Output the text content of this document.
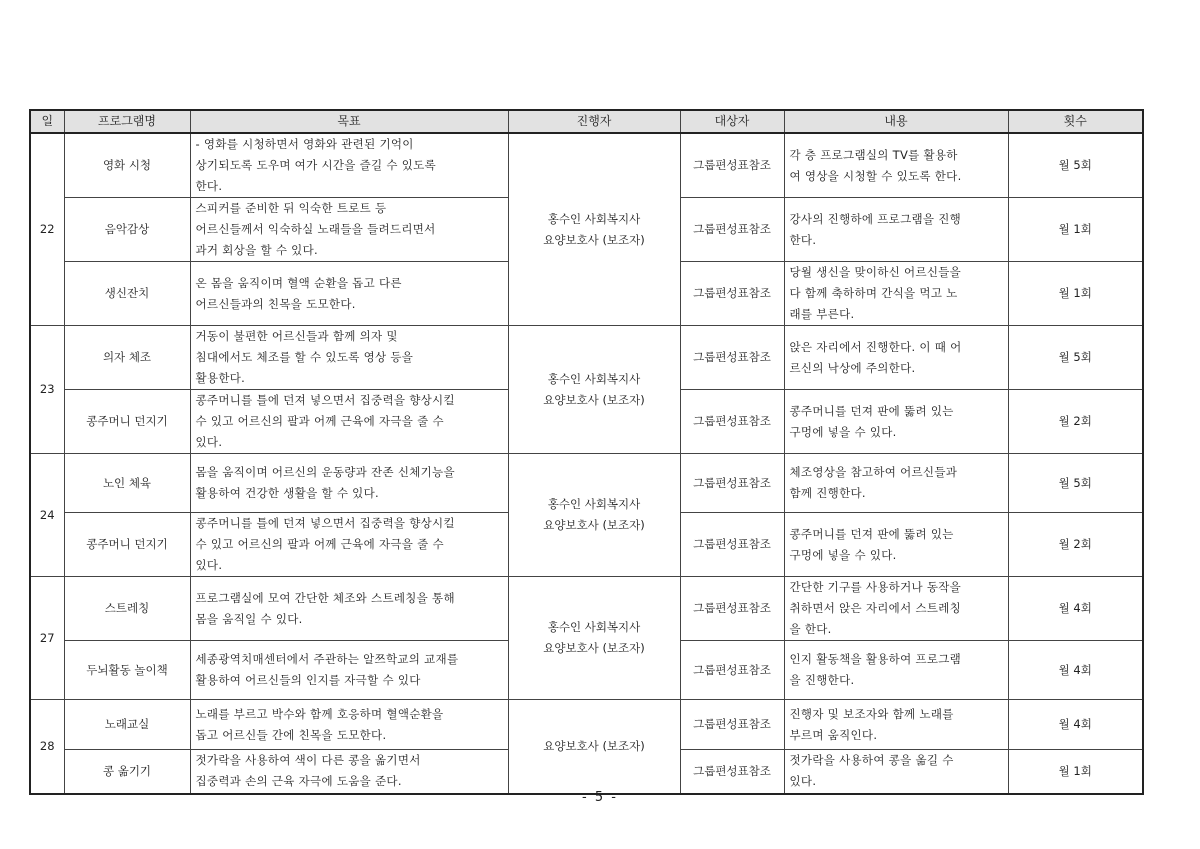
일	프로그램명	목표	진행자	대상자	내용	횟수
22	영화 시청	- 영화를 시청하면서 영화와 관련된 기억이
상기되도록 도우며 여가 시간을 즐길 수 있도록
한다.	홍수인 사회복지사
요양보호사 (보조자)	그룹편성표참조	각 층 프로그램실의 TV를 활용하
여 영상을 시청할 수 있도록 한다.	월 5회
	음악감상	스피커를 준비한 뒤 익숙한 트로트 등
어르신들께서 익숙하실 노래들을 들려드리면서
과거 회상을 할 수 있다.		그룹편성표참조	강사의 진행하에 프로그램을 진행
한다.	월 1회
	생신잔치	온 몸을 움직이며 혈액 순환을 돕고 다른
어르신들과의 친목을 도모한다.		그룹편성표참조	당월 생신을 맞이하신 어르신들을
다 함께 축하하며 간식을 먹고 노
래를 부른다.	월 1회
23	의자 체조	거동이 불편한 어르신들과 함께 의자 및
침대에서도 체조를 할 수 있도록 영상 등을
활용한다.	홍수인 사회복지사
요양보호사 (보조자)	그룹편성표참조	앉은 자리에서 진행한다. 이 때 어
르신의 낙상에 주의한다.	월 5회
	콩주머니 던지기	콩주머니를 틀에 던져 넣으면서 집중력을 향상시킬
수 있고 어르신의 팔과 어께 근육에 자극을 줄 수
있다.		그룹편성표참조	콩주머니를 던져 판에 뚫려 있는
구멍에 넣을 수 있다.	월 2회
24	노인 체육	몸을 움직이며 어르신의 운동량과 잔존 신체기능을
활용하여 건강한 생활을 할 수 있다.	홍수인 사회복지사
요양보호사 (보조자)	그룹편성표참조	체조영상을 참고하여 어르신들과
함께 진행한다.	월 5회
	콩주머니 던지기	콩주머니를 틀에 던져 넣으면서 집중력을 향상시킬
수 있고 어르신의 팔과 어께 근육에 자극을 줄 수
있다.		그룹편성표참조	콩주머니를 던져 판에 뚫려 있는
구멍에 넣을 수 있다.	월 2회
27	스트레칭	프로그램실에 모여 간단한 체조와 스트레칭을 통해
몸을 움직일 수 있다.	홍수인 사회복지사
요양보호사 (보조자)	그룹편성표참조	간단한 기구를 사용하거나 동작을
취하면서 앉은 자리에서 스트레칭
을 한다.	월 4회
	두뇌활동 놀이책	세종광역치매센터에서 주관하는 알쯔학교의 교재를
활용하여 어르신들의 인지를 자극할 수 있다		그룹편성표참조	인지 활동책을 활용하여 프로그램
을 진행한다.	월 4회
28	노래교실	노래를 부르고 박수와 함께 호응하며 혈액순환을
돕고 어르신들 간에 친목을 도모한다.	요양보호사 (보조자)	그룹편성표참조	진행자 및 보조자와 함께 노래를
부르며 움직인다.	월 4회
	콩 옮기기	젓가락을 사용하여 색이 다른 콩을 옮기면서
집중력과 손의 근육 자극에 도움을 준다.		그룹편성표참조	젓가락을 사용하여 콩을 옮길 수
있다.	월 1회
- 5 -
